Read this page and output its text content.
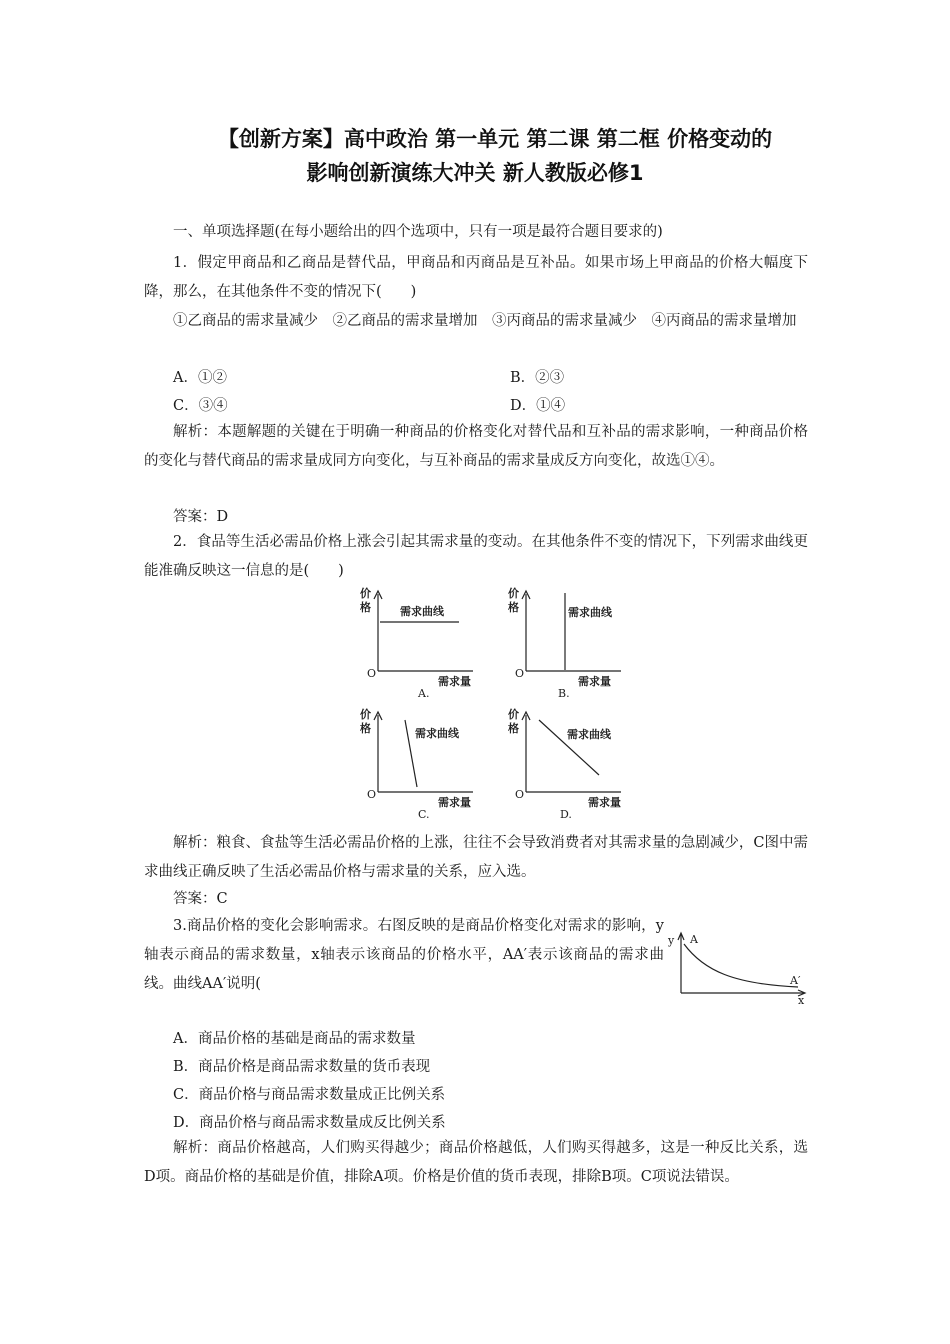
【创新方案】高中政治 第一单元 第二课 第二框 价格变动的
影响创新演练大冲关 新人教版必修1
一、单项选择题(在每小题给出的四个选项中，只有一项是最符合题目要求的)
1．假定甲商品和乙商品是替代品，甲商品和丙商品是互补品。如果市场上甲商品的价格大幅度下降，那么，在其他条件不变的情况下(　　)
①乙商品的需求量减少　②乙商品的需求量增加　③丙商品的需求量减少　④丙商品的需求量增加
A．①②	B．②③
C．③④	D．①④
解析：本题解题的关键在于明确一种商品的价格变化对替代品和互补品的需求影响，一种商品价格的变化与替代商品的需求量成同方向变化，与互补商品的需求量成反方向变化，故选①④。
答案：D
2．食品等生活必需品价格上涨会引起其需求量的变动。在其他条件不变的情况下，下列需求曲线更能准确反映这一信息的是(　　)
价
格	需求曲线
O
需求量
A.
价
格	需求曲线
O
需求量
B.
价
格	需求曲线
O
需求量
C.
价
格	需求曲线
O
需求量
D.
解析：粮食、食盐等生活必需品价格的上涨，往往不会导致消费者对其需求量的急剧减少，C图中需求曲线正确反映了生活必需品价格与需求量的关系，应入选。
答案：C
3.商品价格的变化会影响需求。右图反映的是商品价格变化对需求的影响，y轴表示商品的需求数量，x轴表示该商品的价格水平，AA′表示该商品的需求曲线。曲线AA′说明(
y A
A′
x
A．商品价格的基础是商品的需求数量
B．商品价格是商品需求数量的货币表现
C．商品价格与商品需求数量成正比例关系
D．商品价格与商品需求数量成反比例关系
解析：商品价格越高，人们购买得越少；商品价格越低，人们购买得越多，这是一种反比关系，选D项。商品价格的基础是价值，排除A项。价格是价值的货币表现，排除B项。C项说法错误。
